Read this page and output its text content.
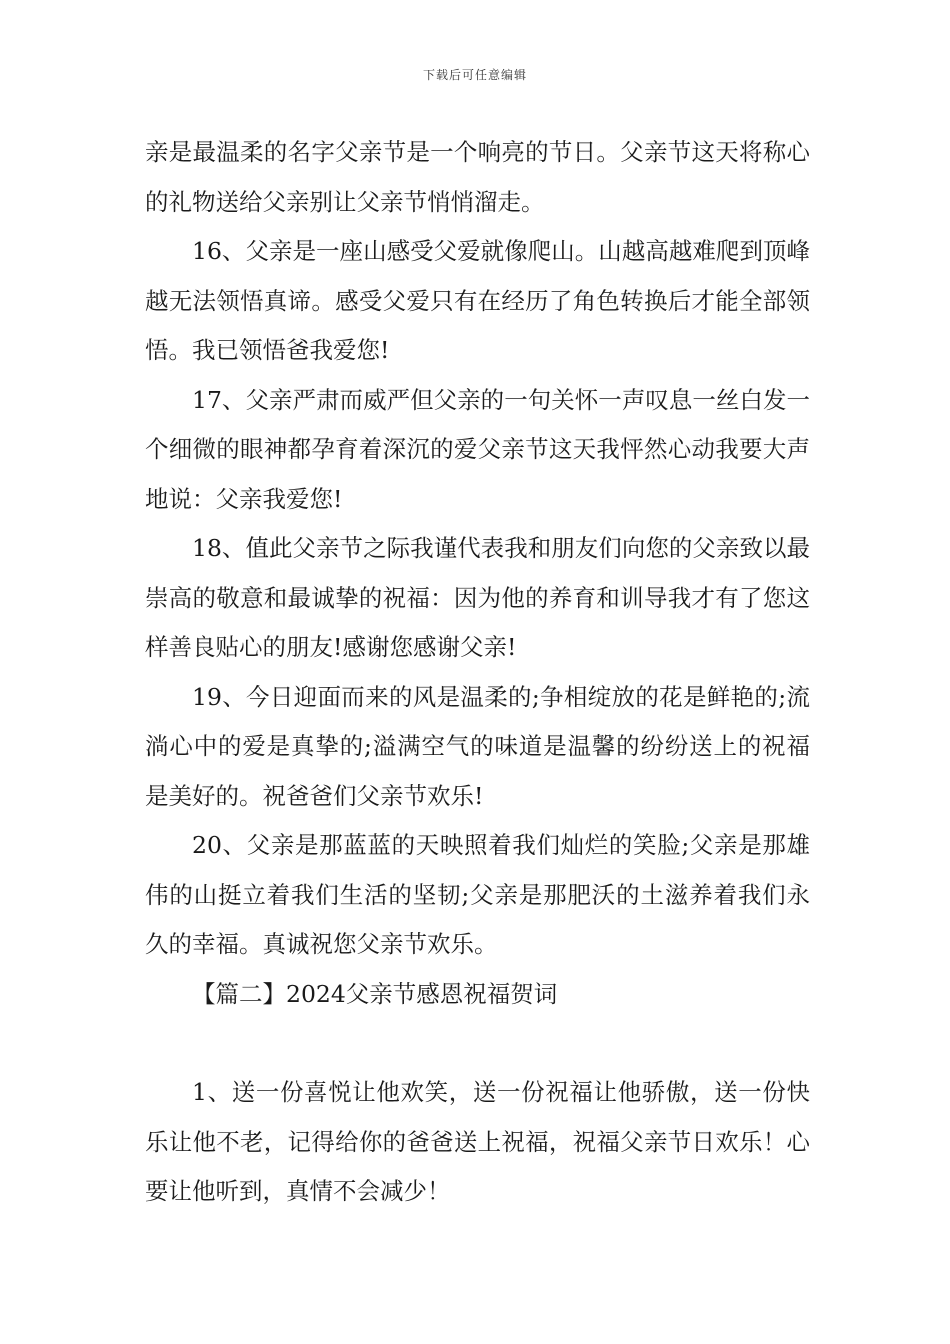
下载后可任意编辑

亲是最温柔的名字父亲节是一个响亮的节日。父亲节这天将称心的礼物送给父亲别让父亲节悄悄溜走。

16、父亲是一座山感受父爱就像爬山。山越高越难爬到顶峰越无法领悟真谛。感受父爱只有在经历了角色转换后才能全部领悟。我已领悟爸我爱您!

17、父亲严肃而威严但父亲的一句关怀一声叹息一丝白发一个细微的眼神都孕育着深沉的爱父亲节这天我怦然心动我要大声地说：父亲我爱您!

18、值此父亲节之际我谨代表我和朋友们向您的父亲致以最崇高的敬意和最诚挚的祝福：因为他的养育和训导我才有了您这样善良贴心的朋友!感谢您感谢父亲!

19、今日迎面而来的风是温柔的;争相绽放的花是鲜艳的;流淌心中的爱是真挚的;溢满空气的味道是温馨的纷纷送上的祝福是美好的。祝爸爸们父亲节欢乐!

20、父亲是那蓝蓝的天映照着我们灿烂的笑脸;父亲是那雄伟的山挺立着我们生活的坚韧;父亲是那肥沃的土滋养着我们永久的幸福。真诚祝您父亲节欢乐。

【篇二】2024父亲节感恩祝福贺词

1、送一份喜悦让他欢笑，送一份祝福让他骄傲，送一份快乐让他不老，记得给你的爸爸送上祝福，祝福父亲节日欢乐！心要让他听到，真情不会减少！
